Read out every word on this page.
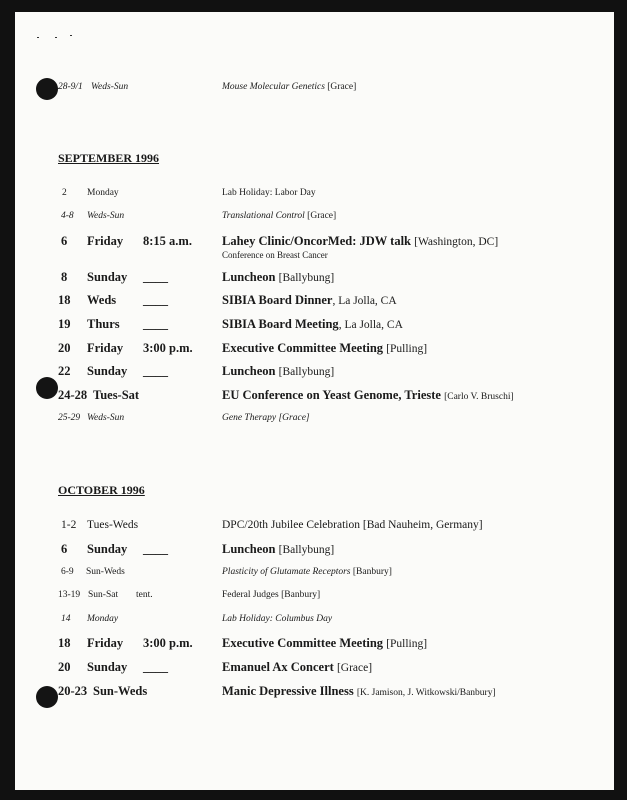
28-9/1 Weds-Sun	Mouse Molecular Genetics [Grace]
SEPTEMBER 1996
2 Monday	Lab Holiday: Labor Day
4-8 Weds-Sun	Translational Control [Grace]
6 Friday 8:15 a.m. Lahey Clinic/OncorMed: JDW talk [Washington, DC]
Conference on Breast Cancer
8 Sunday ____	Luncheon [Ballybung]
18 Weds ____	SIBIA Board Dinner, La Jolla, CA
19 Thurs ____	SIBIA Board Meeting, La Jolla, CA
20 Friday 3:00 p.m. Executive Committee Meeting [Pulling]
22 Sunday ____	Luncheon [Ballybung]
24-28 Tues-Sat	EU Conference on Yeast Genome, Trieste [Carlo V. Bruschi]
25-29 Weds-Sun	Gene Therapy [Grace]
OCTOBER 1996
1-2 Tues-Weds	DPC/20th Jubilee Celebration [Bad Nauheim, Germany]
6 Sunday ____	Luncheon [Ballybung]
6-9 Sun-Weds	Plasticity of Glutamate Receptors [Banbury]
13-19 Sun-Sat tent.	Federal Judges [Banbury]
14 Monday	Lab Holiday: Columbus Day
18 Friday 3:00 p.m. Executive Committee Meeting [Pulling]
20 Sunday ____	Emanuel Ax Concert [Grace]
20-23 Sun-Weds	Manic Depressive Illness [K. Jamison, J. Witkowski/Banbury]
